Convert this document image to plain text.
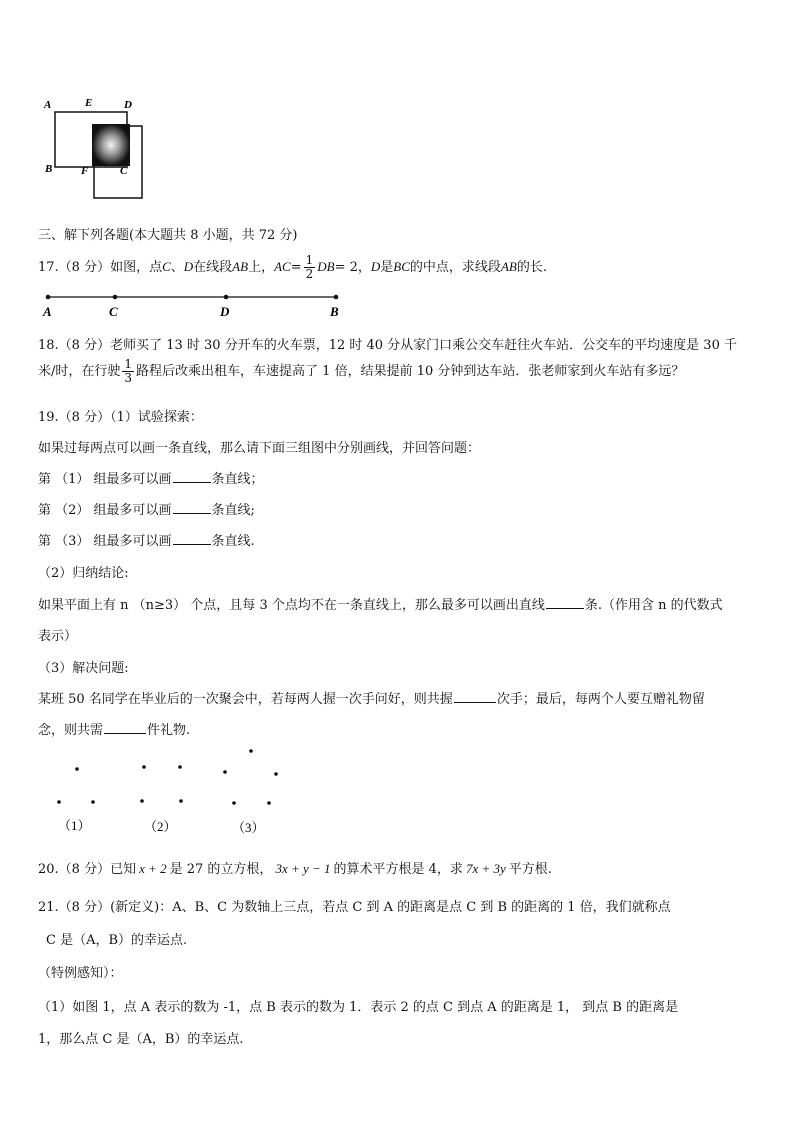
A	E	D
B	F	C
三、解下列各题(本大题共 8 小题，共 72 分)
17.（8 分）如图，点C、D在线段AB上，$AC= \frac{1}{2} DB= 2$，D是BC的中点，求线段AB的长.
A	C	D	B
18.（8 分）老师买了 13 时 30 分开车的火车票，12 时 40 分从家门口乘公交车赶往火车站．公交车的平均速度是 30 千
米/时，在行驶 $\frac{1}{3}$ 路程后改乘出租车，车速提高了 1 倍，结果提前 10 分钟到达车站．张老师家到火车站有多远？
19.（8 分）（1）试验探索：
如果过每两点可以画一条直线，那么请下面三组图中分别画线，并回答问题：
第 （1） 组最多可以画	条直线；
第 （2） 组最多可以画	条直线;
第 （3） 组最多可以画	条直线.
（2）归纳结论:
如果平面上有 n （n≥3） 个点，且每 3 个点均不在一条直线上，那么最多可以画出直线	条.（作用含 n 的代数式
表示）
（3）解决问题:
某班 50 名同学在毕业后的一次聚会中，若每两人握一次手问好，则共握	次手；最后，每两个人要互赠礼物留
念，则共需	件礼物.
（1）	（2）	（3）
20.（8 分）已知 x + 2 是 27 的立方根， 3x + y − 1 的算术平方根是 4，求 7x + 3y 平方根.
21.（8 分）(新定义)：A、B、C 为数轴上三点，若点 C 到 A 的距离是点 C 到 B 的距离的 1 倍，我们就称点
C 是（A，B）的幸运点.
（特例感知）：
（1）如图 1，点 A 表示的数为 -1，点 B 表示的数为 1．表示 2 的点 C 到点 A 的距离是 1， 到点 B 的距离是
1，那么点 C 是（A，B）的幸运点.
